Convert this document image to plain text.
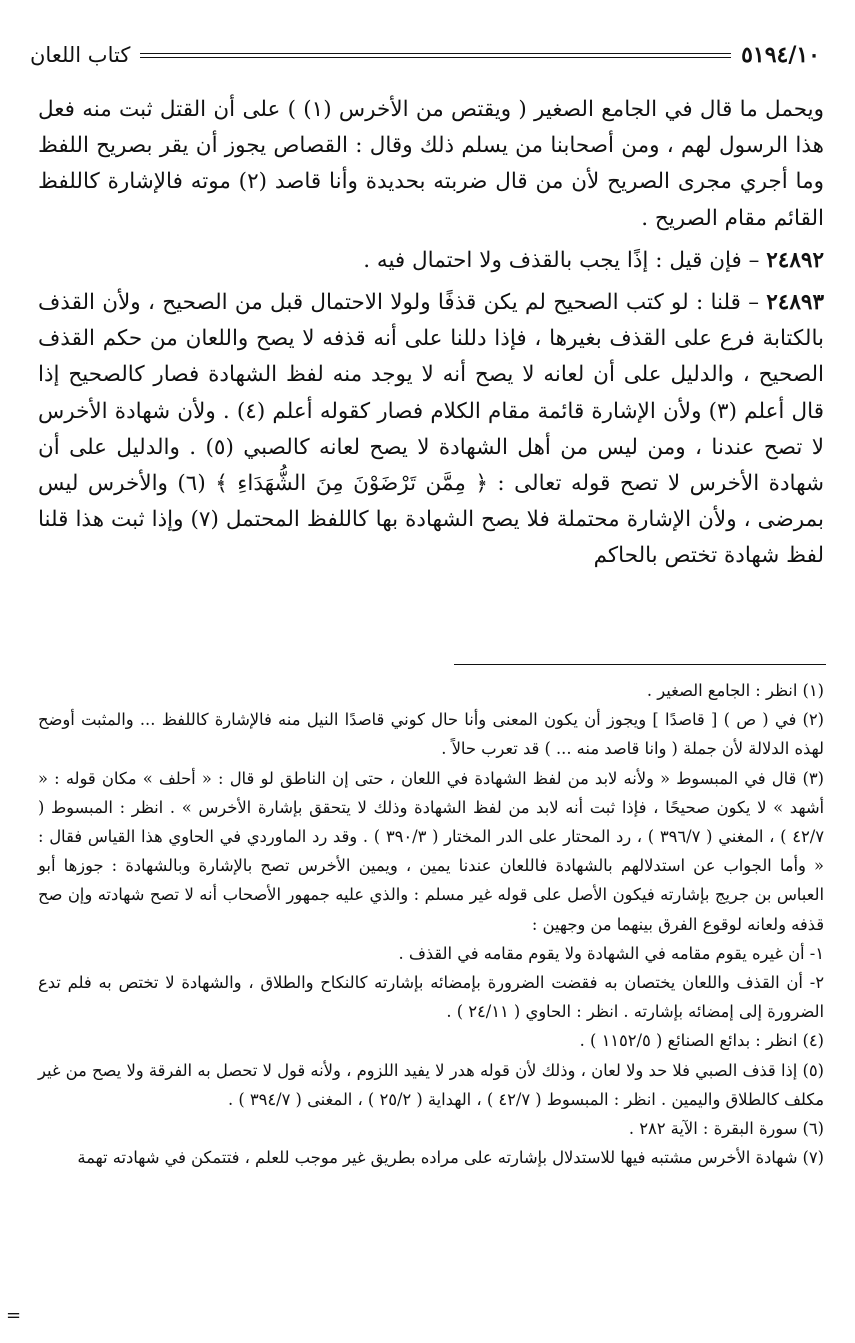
٥١٩٤/١٠
كتاب اللعان

ويحمل ما قال في الجامع الصغير ( ويقتص من الأخرس (١) ) على أن القتل ثبت منه فعل هذا الرسول لهم ، ومن أصحابنا من يسلم ذلك وقال : القصاص يجوز أن يقر بصريح اللفظ وما أجري مجرى الصريح لأن من قال ضربته بحديدة وأنا قاصد (٢) موته فالإشارة كاللفظ القائم مقام الصريح .

٢٤٨٩٢ – فإن قيل : إذًا يجب بالقذف ولا احتمال فيه .

٢٤٨٩٣ – قلنا : لو كتب الصحيح لم يكن قذفًا ولولا الاحتمال قبل من الصحيح ، ولأن القذف بالكتابة فرع على القذف بغيرها ، فإذا دللنا على أنه قذفه لا يصح واللعان من حكم القذف الصحيح ، والدليل على أن لعانه لا يصح أنه لا يوجد منه لفظ الشهادة فصار كالصحيح إذا قال أعلم (٣) ولأن الإشارة قائمة مقام الكلام فصار كقوله أعلم (٤) . ولأن شهادة الأخرس لا تصح عندنا ، ومن ليس من أهل الشهادة لا يصح لعانه كالصبي (٥) . والدليل على أن شهادة الأخرس لا تصح قوله تعالى : ﴿ مِمَّن تَرْضَوْنَ مِنَ الشُّهَدَاءِ ﴾ (٦) والأخرس ليس بمرضى ، ولأن الإشارة محتملة فلا يصح الشهادة بها كاللفظ المحتمل (٧) وإذا ثبت هذا قلنا لفظ شهادة تختص بالحاكم

(١) انظر : الجامع الصغير .

(٢) في ( ص ) [ قاصدًا ] ويجوز أن يكون المعنى وأنا حال كوني قاصدًا النيل منه فالإشارة كاللفظ ... والمثبت أوضح لهذه الدلالة لأن جملة ( وانا قاصد منه ... ) قد تعرب حالاً .

(٣) قال في المبسوط « ولأنه لابد من لفظ الشهادة في اللعان ، حتى إن الناطق لو قال : « أحلف » مكان قوله : « أشهد » لا يكون صحيحًا ، فإذا ثبت أنه لابد من لفظ الشهادة وذلك لا يتحقق بإشارة الأخرس » . انظر : المبسوط ( ٤٢/٧ ) ، المغني ( ٣٩٦/٧ ) ، رد المحتار على الدر المختار ( ٣٩٠/٣ ) . وقد رد الماوردي في الحاوي هذا القياس فقال : « وأما الجواب عن استدلالهم بالشهادة فاللعان عندنا يمين ، ويمين الأخرس تصح بالإشارة وبالشهادة : جوزها أبو العباس بن جريج بإشارته فيكون الأصل على قوله غير مسلم : والذي عليه جمهور الأصحاب أنه لا تصح شهادته وإن صح قذفه ولعانه لوقوع الفرق بينهما من وجهين :

١- أن غيره يقوم مقامه في الشهادة ولا يقوم مقامه في القذف .

٢- أن القذف واللعان يختصان به فقضت الضرورة بإمضائه بإشارته كالنكاح والطلاق ، والشهادة لا تختص به فلم تدع الضرورة إلى إمضائه بإشارته . انظر : الحاوي ( ٢٤/١١ ) .

(٤) انظر : بدائع الصنائع ( ١١٥٢/٥ ) .

(٥) إذا قذف الصبي فلا حد ولا لعان ، وذلك لأن قوله هدر لا يفيد اللزوم ، ولأنه قول لا تحصل به الفرقة ولا يصح من غير مكلف كالطلاق واليمين . انظر : المبسوط ( ٤٢/٧ ) ، الهداية ( ٢٥/٢ ) ، المغنى ( ٣٩٤/٧ ) .

(٦) سورة البقرة : الآية ٢٨٢ .

(٧) شهادة الأخرس مشتبه فيها للاستدلال بإشارته على مراده بطريق غير موجب للعلم ، فتتمكن في شهادته تهمة

=
